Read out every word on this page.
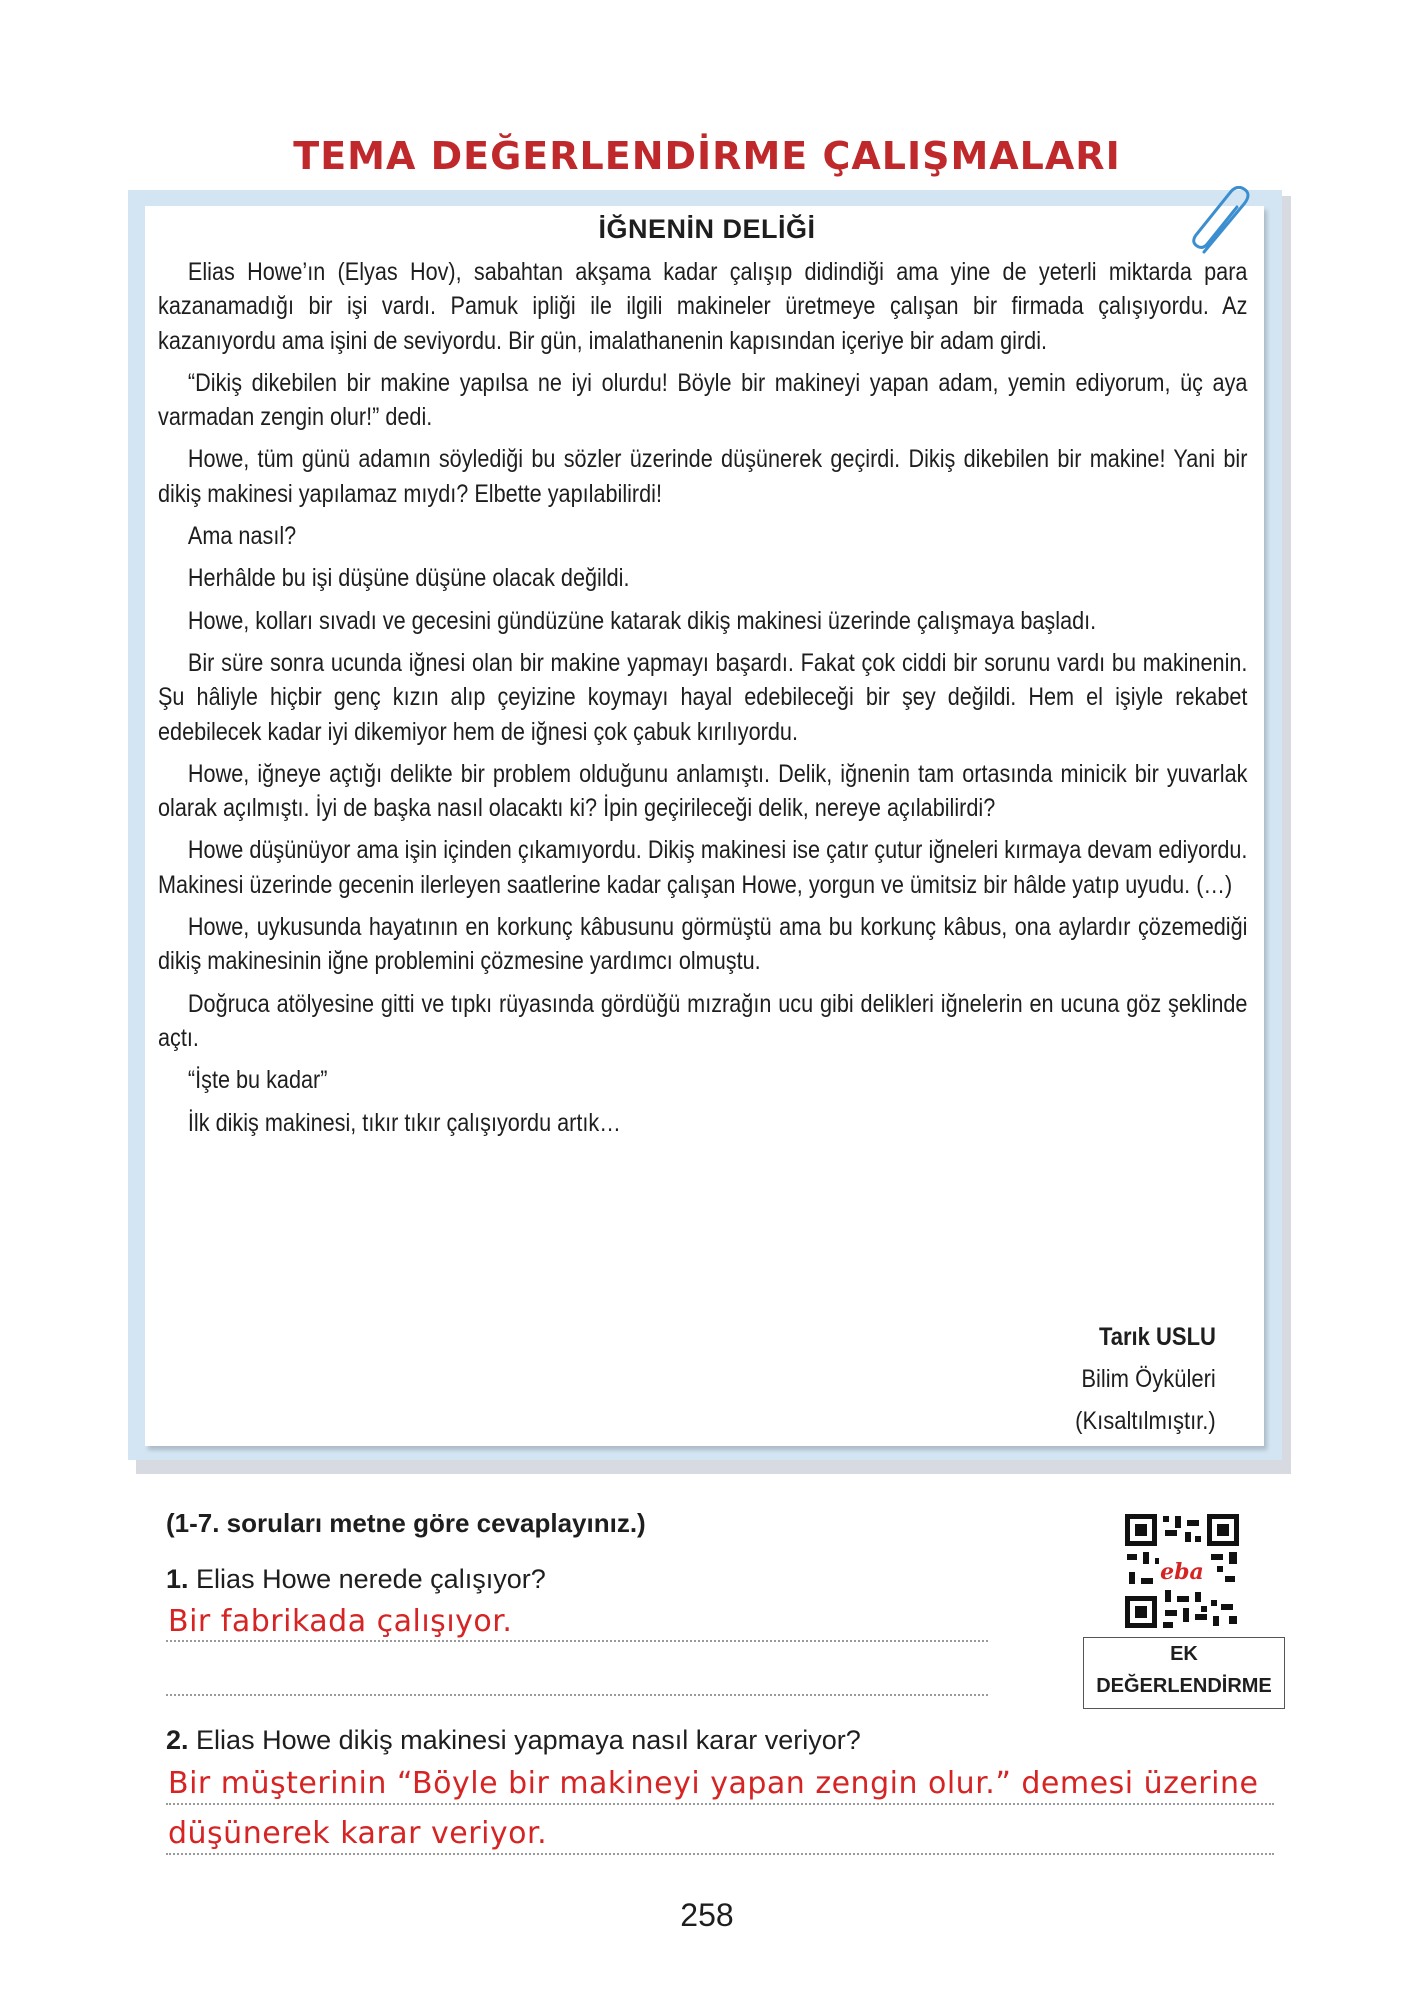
TEMA DEĞERLENDİRME ÇALIŞMALARI
İĞNENİN DELİĞİ

Elias Howe’ın (Elyas Hov), sabahtan akşama kadar çalışıp didindiği ama yine de yeterli miktarda para kazanamadığı bir işi vardı. Pamuk ipliği ile ilgili makineler üretmeye çalışan bir firmada çalışıyordu. Az kazanıyordu ama işini de seviyordu. Bir gün, imalathanenin kapısından içeriye bir adam girdi.

“Dikiş dikebilen bir makine yapılsa ne iyi olurdu! Böyle bir makineyi yapan adam, yemin ediyorum, üç aya varmadan zengin olur!” dedi.

Howe, tüm günü adamın söylediği bu sözler üzerinde düşünerek geçirdi. Dikiş dikebilen bir makine! Yani bir dikiş makinesi yapılamaz mıydı? Elbette yapılabilirdi!

Ama nasıl?

Herhâlde bu işi düşüne düşüne olacak değildi.

Howe, kolları sıvadı ve gecesini gündüzüne katarak dikiş makinesi üzerinde çalışmaya başladı.

Bir süre sonra ucunda iğnesi olan bir makine yapmayı başardı. Fakat çok ciddi bir sorunu vardı bu makinenin. Şu hâliyle hiçbir genç kızın alıp çeyizine koymayı hayal edebileceği bir şey değildi. Hem el işiyle rekabet edebilecek kadar iyi dikemiyor hem de iğnesi çok çabuk kırılıyordu.

Howe, iğneye açtığı delikte bir problem olduğunu anlamıştı. Delik, iğnenin tam ortasında minicik bir yuvarlak olarak açılmıştı. İyi de başka nasıl olacaktı ki? İpin geçirileceği delik, nereye açılabilirdi?

Howe düşünüyor ama işin içinden çıkamıyordu. Dikiş makinesi ise çatır çutur iğneleri kırmaya devam ediyordu. Makinesi üzerinde gecenin ilerleyen saatlerine kadar çalışan Howe, yorgun ve ümitsiz bir hâlde yatıp uyudu. (…)

Howe, uykusunda hayatının en korkunç kâbusunu görmüştü ama bu korkunç kâbus, ona aylardır çözemediği dikiş makinesinin iğne problemini çözmesine yardımcı olmuştu.

Doğruca atölyesine gitti ve tıpkı rüyasında gördüğü mızrağın ucu gibi delikleri iğnelerin en ucuna göz şeklinde açtı.

“İşte bu kadar”

İlk dikiş makinesi, tıkır tıkır çalışıyordu artık…

Tarık USLU
Bilim Öyküleri
(Kısaltılmıştır.)
(1-7. soruları metne göre cevaplayınız.)
1. Elias Howe nerede çalışıyor?
Bir fabrikada çalışıyor.
2. Elias Howe dikiş makinesi yapmaya nasıl karar veriyor?
Bir müşterinin “Böyle bir makineyi yapan zengin olur.” demesi üzerine
düşünerek karar veriyor.
eba
EK
DEĞERLENDİRME
258
